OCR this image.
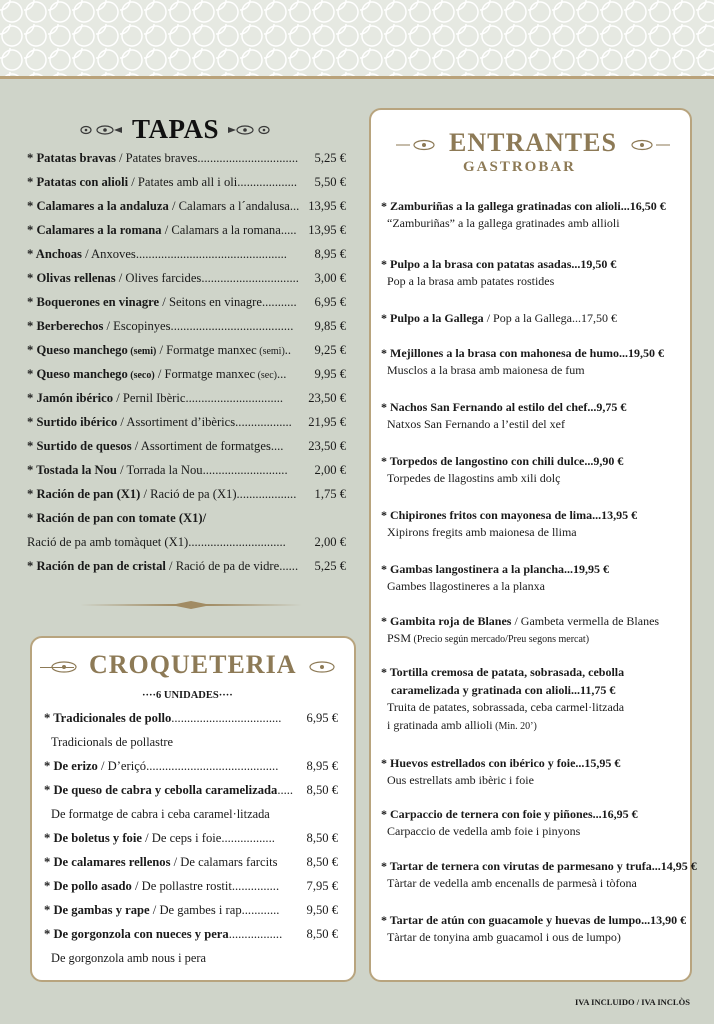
TAPAS
* Patatas bravas / Patates braves................................ 5,25 €
* Patatas con alioli / Patates amb all i oli................... 5,50 €
* Calamares a la andaluza / Calamars a l´andalusa... 13,95 €
* Calamares a la romana / Calamars a la romana..... 13,95 €
* Anchoas / Anxoves................................................ 8,95 €
* Olivas rellenas / Olives farcides............................... 3,00 €
* Boquerones en vinagre / Seitons en vinagre........... 6,95 €
* Berberechos / Escopinyes....................................... 9,85 €
* Queso manchego (semi) / Formatge manxec (semi).. 9,25 €
* Queso manchego (seco) / Formatge manxec (sec)... 9,95 €
* Jamón ibérico / Pernil Ibèric............................... 23,50 €
* Surtido ibérico / Assortiment d’ibèrics.................. 21,95 €
* Surtido de quesos / Assortiment de formatges.... 23,50 €
* Tostada la Nou / Torrada la Nou........................... 2,00 €
* Ración de pan (X1) / Ració de pa (X1)................... 1,75 €
* Ración de pan con tomate (X1)/
Ració de pa amb tomàquet (X1)............................... 2,00 €
* Ración de pan de cristal / Ració de pa de vidre...... 5,25 €
CROQUETERIA
····6 UNIDADES····
* Tradicionales de pollo................................... 6,95 €
Tradicionals de pollastre
* De erizo / D’eriçó.......................................... 8,95 €
* De queso de cabra y cebolla caramelizada..... 8,50 €
De formatge de cabra i ceba caramel·litzada
* De boletus y foie / De ceps i foie.................	8,50 €
* De calamares rellenos / De calamars farcits 8,50 €
* De pollo asado / De pollastre rostit............... 7,95 €
* De gambas y rape / De gambes i rap............ 9,50 €
* De gorgonzola con nueces y pera................. 8,50 €
De gorgonzola amb nous i pera
ENTRANTES
GASTROBAR
* Zamburiñas a la gallega gratinadas con alioli...16,50 €
“Zamburiñas” a la gallega gratinades amb allioli
* Pulpo a la brasa con patatas asadas...19,50 €
Pop a la brasa amb patates rostides
* Pulpo a la Gallega / Pop a la Gallega...17,50 €
* Mejillones a la brasa con mahonesa de humo...19,50 €
Musclos a la brasa amb maionesa de fum
* Nachos San Fernando al estilo del chef...9,75 €
Natxos San Fernando a l’estil del xef
* Torpedos de langostino con chili dulce...9,90 €
Torpedes de llagostins amb xili dolç
* Chipirones fritos con mayonesa de lima...13,95 €
Xipirons fregits amb maionesa de llima
* Gambas langostinera a la plancha...19,95 €
Gambes llagostineres a la planxa
* Gambita roja de Blanes / Gambeta vermella de Blanes
PSM (Precio según mercado/Preu segons mercat)
* Tortilla cremosa de patata, sobrasada, cebolla
caramelizada y gratinada con alioli...11,75 €
Truita de patates, sobrassada, ceba carmel·litzada
i gratinada amb allioli (Min. 20’)
* Huevos estrellados con ibérico y foie...15,95 €
Ous estrellats amb ibèric i foie
* Carpaccio de ternera con foie y piñones...16,95 €
Carpaccio de vedella amb foie i pinyons
* Tartar de ternera con virutas de parmesano y trufa...14,95 €
Tàrtar de vedella amb encenalls de parmesà i tòfona
* Tartar de atún con guacamole y huevas de lumpo...13,90 €
Tàrtar de tonyina amb guacamol i ous de lumpo)
IVA INCLUIDO / IVA INCLÒS
